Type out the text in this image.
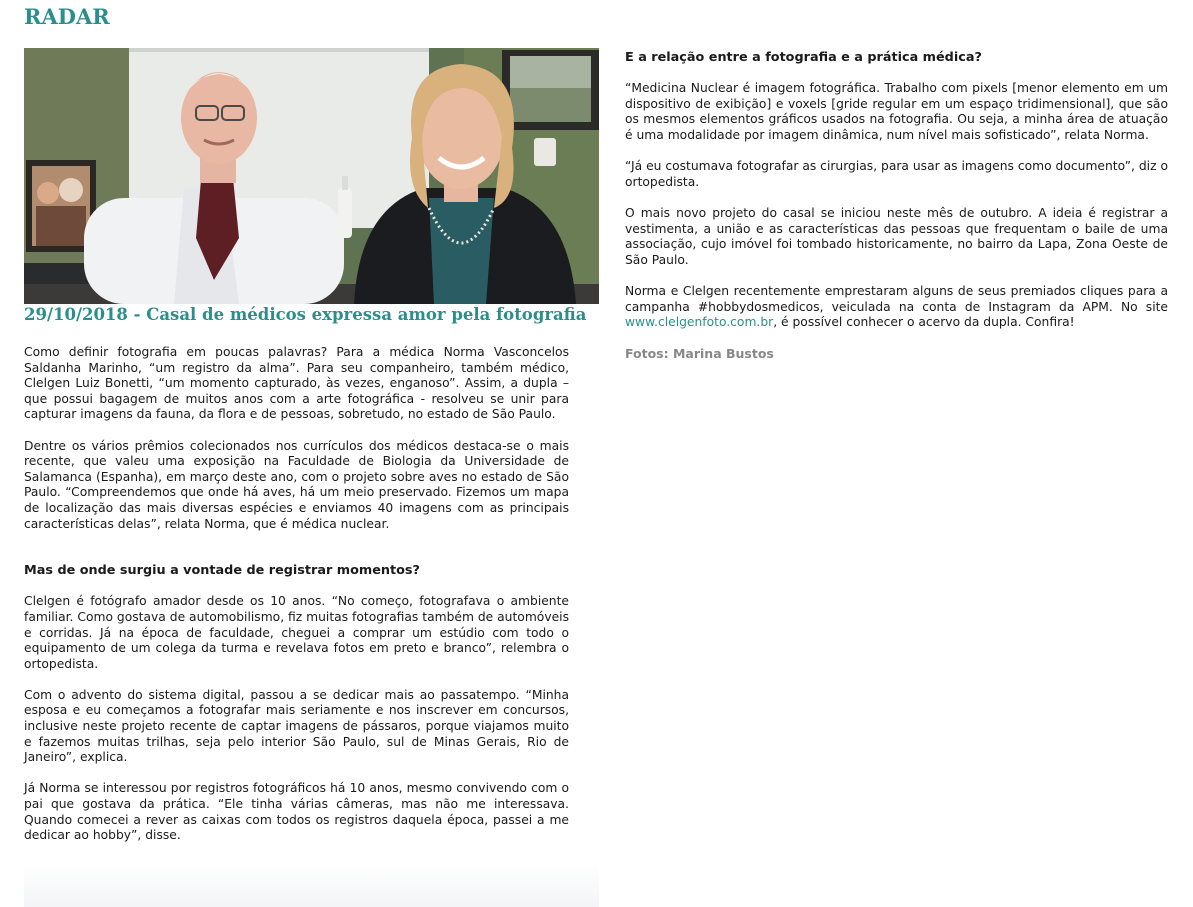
RADAR
29/10/2018 - Casal de médicos expressa amor pela fotografia

Como definir fotografia em poucas palavras? Para a médica Norma Vasconcelos Saldanha Marinho, “um registro da alma”. Para seu companheiro, também médico, Clelgen Luiz Bonetti, “um momento capturado, às vezes, enganoso”. Assim, a dupla – que possui bagagem de muitos anos com a arte fotográfica - resolveu se unir para capturar imagens da fauna, da flora e de pessoas, sobretudo, no estado de São Paulo.

Dentre os vários prêmios colecionados nos currículos dos médicos destaca-se o mais recente, que valeu uma exposição na Faculdade de Biologia da Universidade de Salamanca (Espanha), em março deste ano, com o projeto sobre aves no estado de São Paulo. “Compreendemos que onde há aves, há um meio preservado. Fizemos um mapa de localização das mais diversas espécies e enviamos 40 imagens com as principais características delas”, relata Norma, que é médica nuclear.

Mas de onde surgiu a vontade de registrar momentos?

Clelgen é fotógrafo amador desde os 10 anos. “No começo, fotografava o ambiente familiar. Como gostava de automobilismo, fiz muitas fotografias também de automóveis e corridas. Já na época de faculdade, cheguei a comprar um estúdio com todo o equipamento de um colega da turma e revelava fotos em preto e branco”, relembra o ortopedista.

Com o advento do sistema digital, passou a se dedicar mais ao passatempo. “Minha esposa e eu começamos a fotografar mais seriamente e nos inscrever em concursos, inclusive neste projeto recente de captar imagens de pássaros, porque viajamos muito e fazemos muitas trilhas, seja pelo interior São Paulo, sul de Minas Gerais, Rio de Janeiro”, explica.

Já Norma se interessou por registros fotográficos há 10 anos, mesmo convivendo com o pai que gostava da prática. “Ele tinha várias câmeras, mas não me interessava. Quando comecei a rever as caixas com todos os registros daquela época, passei a me dedicar ao hobby”, disse.

E a relação entre a fotografia e a prática médica?

“Medicina Nuclear é imagem fotográfica. Trabalho com pixels [menor elemento em um dispositivo de exibição] e voxels [gride regular em um espaço tridimensional], que são os mesmos elementos gráficos usados na fotografia. Ou seja, a minha área de atuação é uma modalidade por imagem dinâmica, num nível mais sofisticado”, relata Norma.

“Já eu costumava fotografar as cirurgias, para usar as imagens como documento”, diz o ortopedista.

O mais novo projeto do casal se iniciou neste mês de outubro. A ideia é registrar a vestimenta, a união e as características das pessoas que frequentam o baile de uma associação, cujo imóvel foi tombado historicamente, no bairro da Lapa, Zona Oeste de São Paulo.

Norma e Clelgen recentemente emprestaram alguns de seus premiados cliques para a campanha #hobbydosmedicos, veiculada na conta de Instagram da APM. No site www.clelgenfoto.com.br, é possível conhecer o acervo da dupla. Confira!

Fotos: Marina Bustos
